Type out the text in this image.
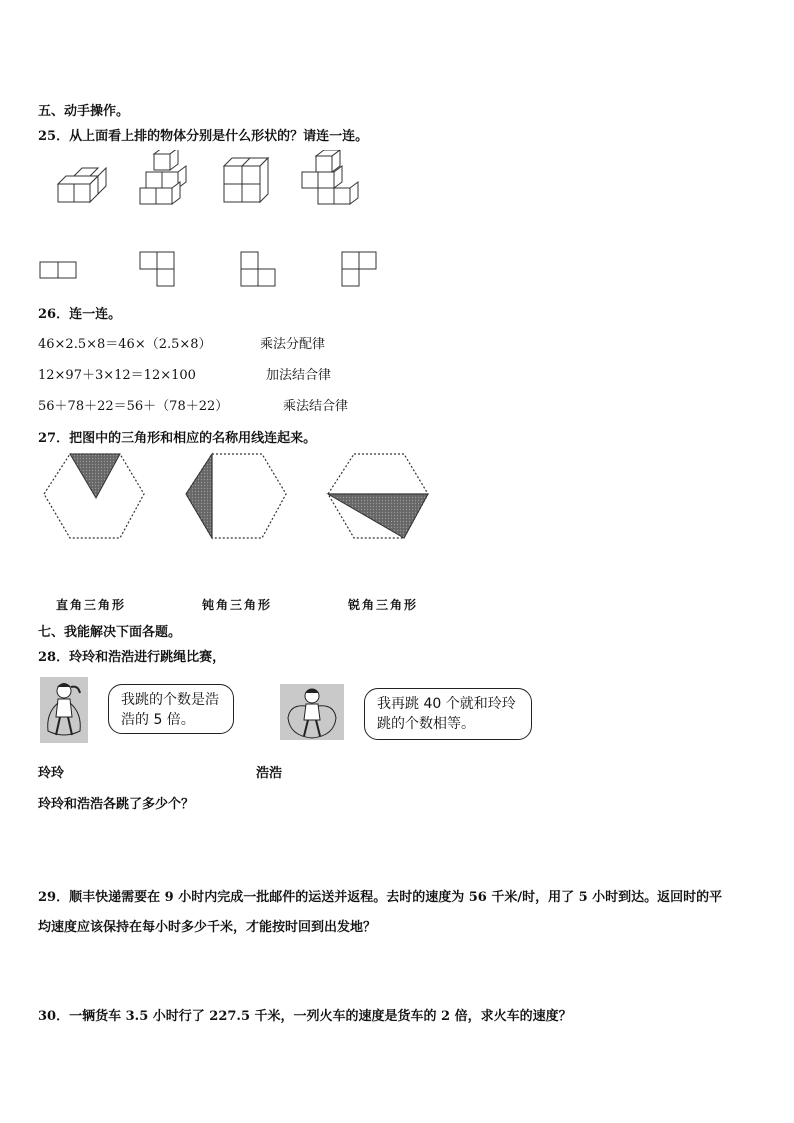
五、动手操作。
25．从上面看上排的物体分别是什么形状的？请连一连。
26．连一连。
46×2.5×8＝46×（2.5×8）	乘法分配律
12×97＋3×12＝12×100	加法结合律
56＋78＋22＝56＋（78＋22）	乘法结合律
27．把图中的三角形和相应的名称用线连起来。
直角三角形	钝角三角形	锐角三角形
七、我能解决下面各题。
28．玲玲和浩浩进行跳绳比赛，
我跳的个数是浩浩的 5 倍。
我再跳 40 个就和玲玲跳的个数相等。
玲玲	浩浩
玲玲和浩浩各跳了多少个？
29．顺丰快递需要在 9 小时内完成一批邮件的运送并返程。去时的速度为 56 千米/时，用了 5 小时到达。返回时的平
均速度应该保持在每小时多少千米，才能按时回到出发地？
30．一辆货车 3.5 小时行了 227.5 千米，一列火车的速度是货车的 2 倍，求火车的速度？
